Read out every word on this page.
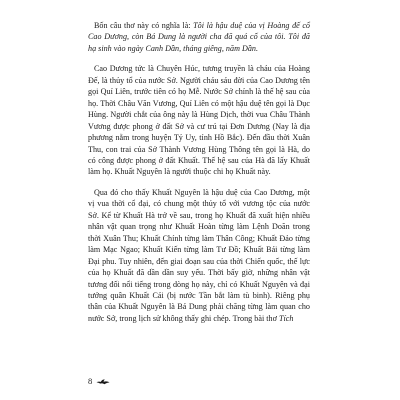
Bốn câu thơ này có nghĩa là: Tôi là hậu duệ của vị Hoàng đế cổ Cao Dương, còn Bá Dung là người cha đã quá cố của tôi. Tôi đã hạ sinh vào ngày Canh Dần, tháng giêng, năm Dần.

Cao Dương tức là Chuyên Húc, tương truyền là cháu của Hoàng Đế, là thủy tổ của nước Sở. Người cháu sáu đời của Cao Dương tên gọi Quí Liên, trước tiên có họ Mễ. Nước Sở chính là thế hệ sau của họ. Thời Châu Văn Vương, Quí Liên có một hậu duệ tên gọi là Dục Hùng. Người chắt của ông này là Hùng Dịch, thời vua Châu Thành Vương được phong ở đất Sở và cư trú tại Đơn Dương (Nay là địa phương nằm trong huyện Tỷ Uy, tỉnh Hồ Bắc). Đến đầu thời Xuân Thu, con trai của Sở Thành Vương Hùng Thông tên gọi là Hà, do có công được phong ở đất Khuất. Thế hệ sau của Hà đã lấy Khuất làm họ. Khuất Nguyên là người thuộc chi họ Khuất này.

Qua đó cho thấy Khuất Nguyên là hậu duệ của Cao Dương, một vị vua thời cổ đại, có chung một thủy tổ với vương tộc của nước Sở. Kể từ Khuất Hà trở về sau, trong họ Khuất đã xuất hiện nhiều nhân vật quan trọng như Khuất Hoàn từng làm Lệnh Doãn trong thời Xuân Thu; Khuất Chính từng làm Thân Công; Khuất Đảo từng làm Mạc Ngao; Khuất Kiến từng làm Tư Đồ; Khuất Bái từng làm Đại phu. Tuy nhiên, đến giai đoạn sau của thời Chiến quốc, thế lực của họ Khuất đã dần dần suy yếu. Thời bấy giờ, những nhân vật tương đối nổi tiếng trong dòng họ này, chỉ có Khuất Nguyên và đại tướng quân Khuất Cái (bị nước Tần bắt làm tù binh). Riêng phụ thân của Khuất Nguyên là Bá Dung phải chăng từng làm quan cho nước Sở, trong lịch sử không thấy ghi chép. Trong bài thơ Tích

8
